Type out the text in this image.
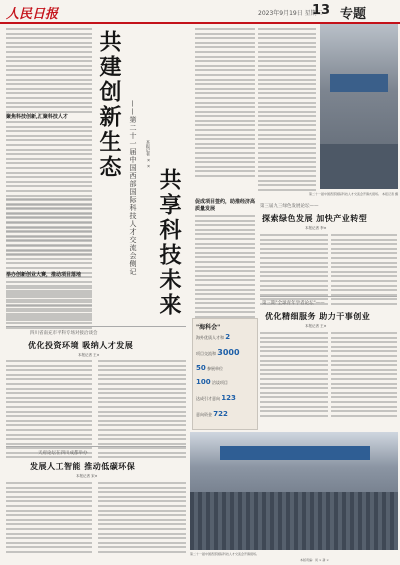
人民日报	2023年9月19日 星期二
13 专题
聚焦科技创新,汇聚科技人才
举办创新创业大赛，推动项目落地
共建创新生态
共享科技未来
——第二十一届中国西部国际科技人才交流会侧记 本报记者 × ×
第二十一届中国西部国际科技人才交流会开幕式现场。 本报记者 摄
促成项目签约，助推经济高质量发展	第三届九三绿色发展论坛——
探索绿色发展 加快产业转型
本报记者 李×
四川省南充市平科专场对接洽谈会
优化投资环境 吸纳人才发展
本报记者 王×
"海科会"
海外优质人才和 2
项目交流和 3000
50 参展单位
100 洽谈项目
达成引才意向 123
意向资金 722
第三期"全球青年学者论坛"——
优化精细服务 助力干事创业
本报记者 王×
天府论坛在四川成都举办
发展人工智能 推动低碳环保
本报记者 宋×
第二十一届中国西部国际科技人才交流会开幕现场。
本版责编：何 × 龚 ×
